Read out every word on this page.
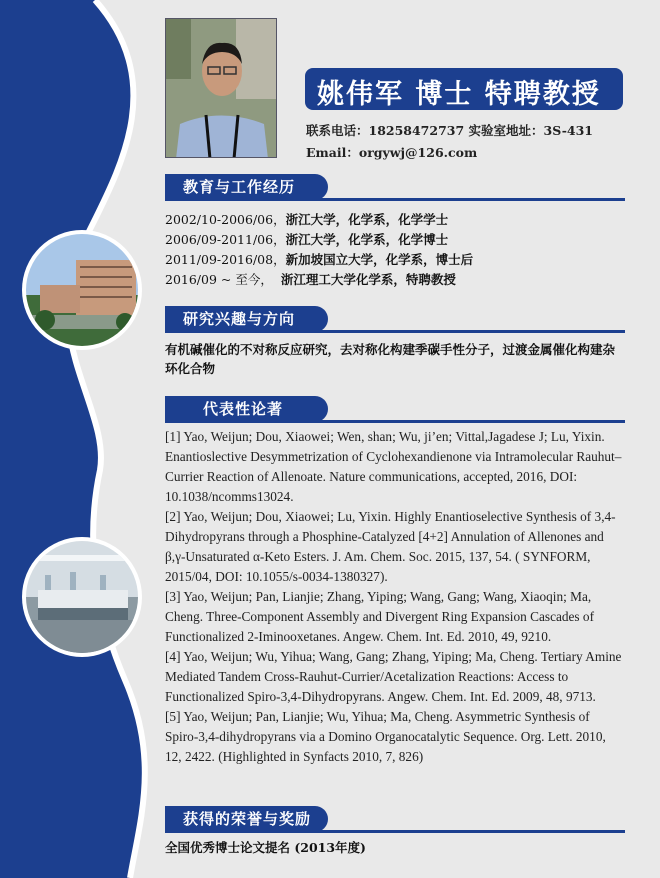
姚伟军 博士 特聘教授
联系电话：18258472737 实验室地址：3S-431
Email：orgywj@126.com
教育与工作经历
2002/10-2006/06，浙江大学，化学系，化学学士
2006/09-2011/06，浙江大学，化学系，化学博士
2011/09-2016/08，新加坡国立大学，化学系，博士后
2016/09 ~ 至今， 浙江理工大学化学系，特聘教授
研究兴趣与方向
有机碱催化的不对称反应研究，去对称化构建季碳手性分子，过渡金属催化构建杂环化合物
代表性论著

[1] Yao, Weijun; Dou, Xiaowei; Wen, shan; Wu, ji’en; Vittal,Jagadese J; Lu, Yixin. Enantioslective Desymmetrization of Cyclohexandienone via Intramolecular Rauhut–Currier Reaction of Allenoate. Nature communications, accepted, 2016, DOI: 10.1038/ncomms13024.

[2] Yao, Weijun; Dou, Xiaowei; Lu, Yixin. Highly Enantioselective Synthesis of 3,4-Dihydropyrans through a Phosphine-Catalyzed [4+2] Annulation of Allenones and β,γ-Unsaturated α-Keto Esters. J. Am. Chem. Soc. 2015, 137, 54. ( SYNFORM, 2015/04, DOI: 10.1055/s-0034-1380327).

[3] Yao, Weijun; Pan, Lianjie; Zhang, Yiping; Wang, Gang; Wang, Xiaoqin; Ma, Cheng. Three-Component Assembly and Divergent Ring Expansion Cascades of Functionalized 2-Iminooxetanes. Angew. Chem. Int. Ed. 2010, 49, 9210.

[4] Yao, Weijun; Wu, Yihua; Wang, Gang; Zhang, Yiping; Ma, Cheng. Tertiary Amine Mediated Tandem Cross-Rauhut-Currier/Acetalization Reactions: Access to Functionalized Spiro-3,4-Dihydropyrans. Angew. Chem. Int. Ed. 2009, 48, 9713.

[5] Yao, Weijun; Pan, Lianjie; Wu, Yihua; Ma, Cheng. Asymmetric Synthesis of Spiro-3,4-dihydropyrans via a Domino Organocatalytic Sequence. Org. Lett. 2010, 12, 2422. (Highlighted in Synfacts 2010, 7, 826)

获得的荣誉与奖励
全国优秀博士论文提名 (2013年度)
